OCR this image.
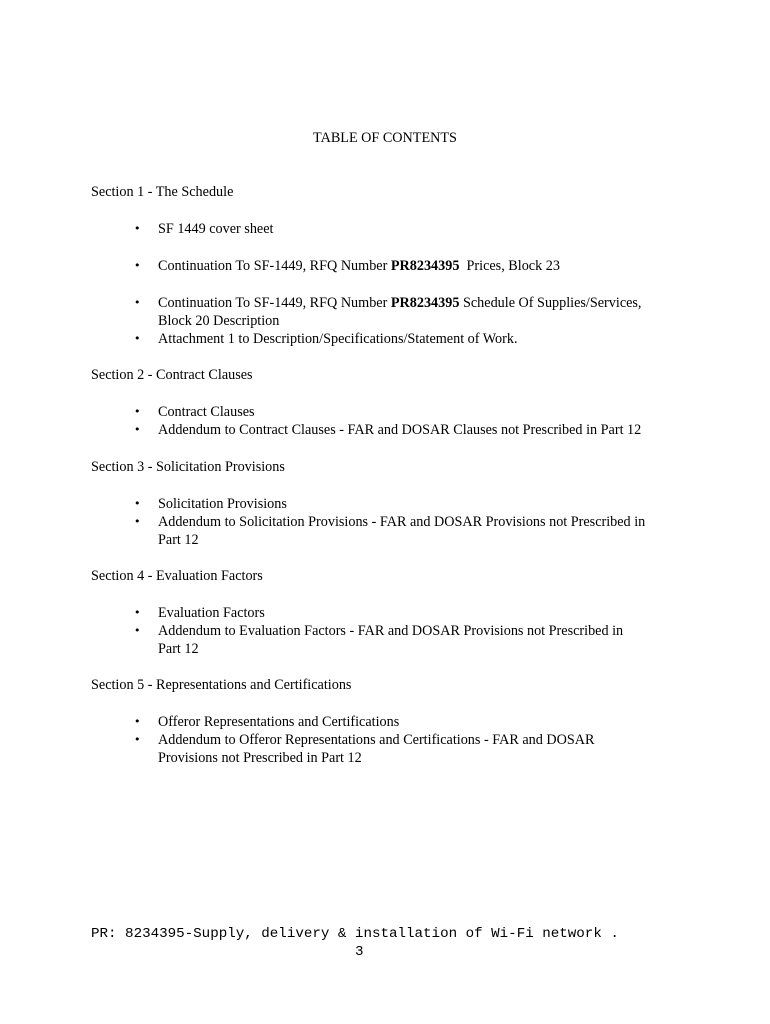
TABLE OF CONTENTS

Section 1 - The Schedule

• SF 1449 cover sheet
• Continuation To SF-1449, RFQ Number PR8234395  Prices, Block 23
• Continuation To SF-1449, RFQ Number PR8234395 Schedule Of Supplies/Services,
Block 20 Description
• Attachment 1 to Description/Specifications/Statement of Work.

Section 2 - Contract Clauses

• Contract Clauses
• Addendum to Contract Clauses - FAR and DOSAR Clauses not Prescribed in Part 12

Section 3 - Solicitation Provisions

• Solicitation Provisions
• Addendum to Solicitation Provisions - FAR and DOSAR Provisions not Prescribed in
Part 12

Section 4 - Evaluation Factors

• Evaluation Factors
• Addendum to Evaluation Factors - FAR and DOSAR Provisions not Prescribed in
Part 12

Section 5 - Representations and Certifications

• Offeror Representations and Certifications
• Addendum to Offeror Representations and Certifications - FAR and DOSAR
Provisions not Prescribed in Part 12
PR: 8234395-Supply, delivery & installation of Wi-Fi network .
3
